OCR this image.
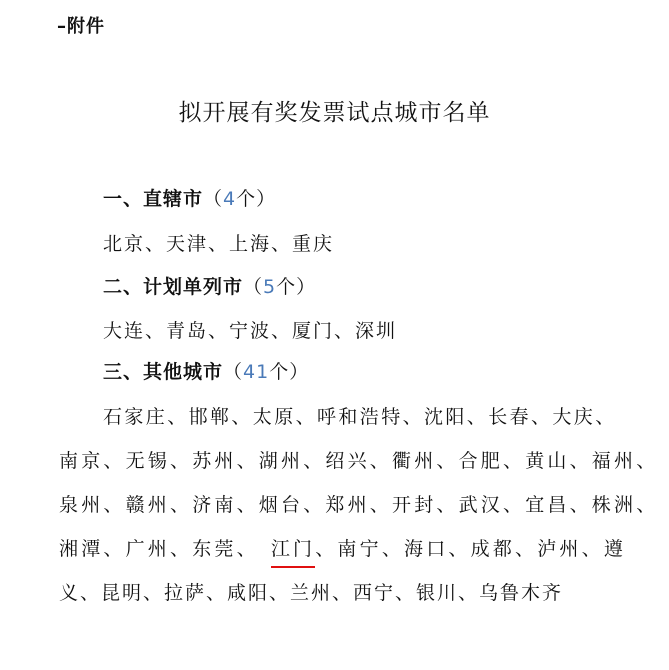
–附件
拟开展有奖发票试点城市名单
一、直辖市（4个）
北京、天津、上海、重庆
二、计划单列市（5个）
大连、青岛、宁波、厦门、深圳
三、其他城市（41个）
石家庄、邯郸、太原、呼和浩特、沈阳、长春、大庆、
南京、无锡、苏州、湖州、绍兴、衢州、合肥、黄山、福州、
泉州、赣州、济南、烟台、郑州、开封、武汉、宜昌、株洲、
湘潭、广州、东莞、 江门、南宁、海口、成都、泸州、遵
义、昆明、拉萨、咸阳、兰州、西宁、银川、乌鲁木齐
